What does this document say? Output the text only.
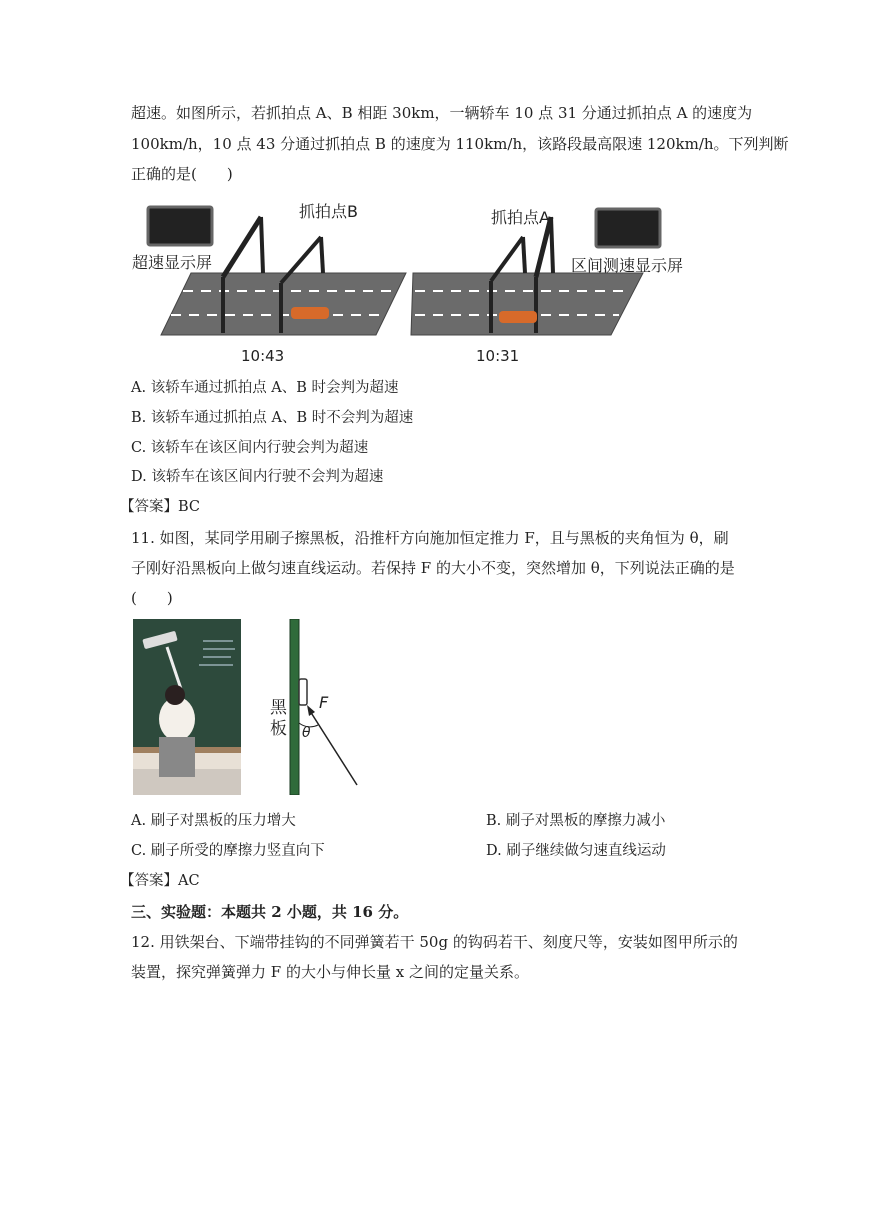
超速。如图所示，若抓拍点 A、B 相距 30km，一辆轿车 10 点 31 分通过抓拍点 A 的速度为
100km/h，10 点 43 分通过抓拍点 B 的速度为 110km/h，该路段最高限速 120km/h。下列判断
正确的是(　　)
抓拍点B	抓拍点A
超速显示屏	区间测速显示屏
10:43	10:31
A. 该轿车通过抓拍点 A、B 时会判为超速
B. 该轿车通过抓拍点 A、B 时不会判为超速
C. 该轿车在该区间内行驶会判为超速
D. 该轿车在该区间内行驶不会判为超速
【答案】BC
11. 如图，某同学用刷子擦黑板，沿推杆方向施加恒定推力 F，且与黑板的夹角恒为 θ，刷
子刚好沿黑板向上做匀速直线运动。若保持 F 的大小不变，突然增加 θ，下列说法正确的是
(　　)
黑
板
F
θ
A. 刷子对黑板的压力增大	B. 刷子对黑板的摩擦力减小
C. 刷子所受的摩擦力竖直向下	D. 刷子继续做匀速直线运动
【答案】AC
三、实验题：本题共 2 小题，共 16 分。
12. 用铁架台、下端带挂钩的不同弹簧若干 50g 的钩码若干、刻度尺等，安装如图甲所示的
装置，探究弹簧弹力 F 的大小与伸长量 x 之间的定量关系。
